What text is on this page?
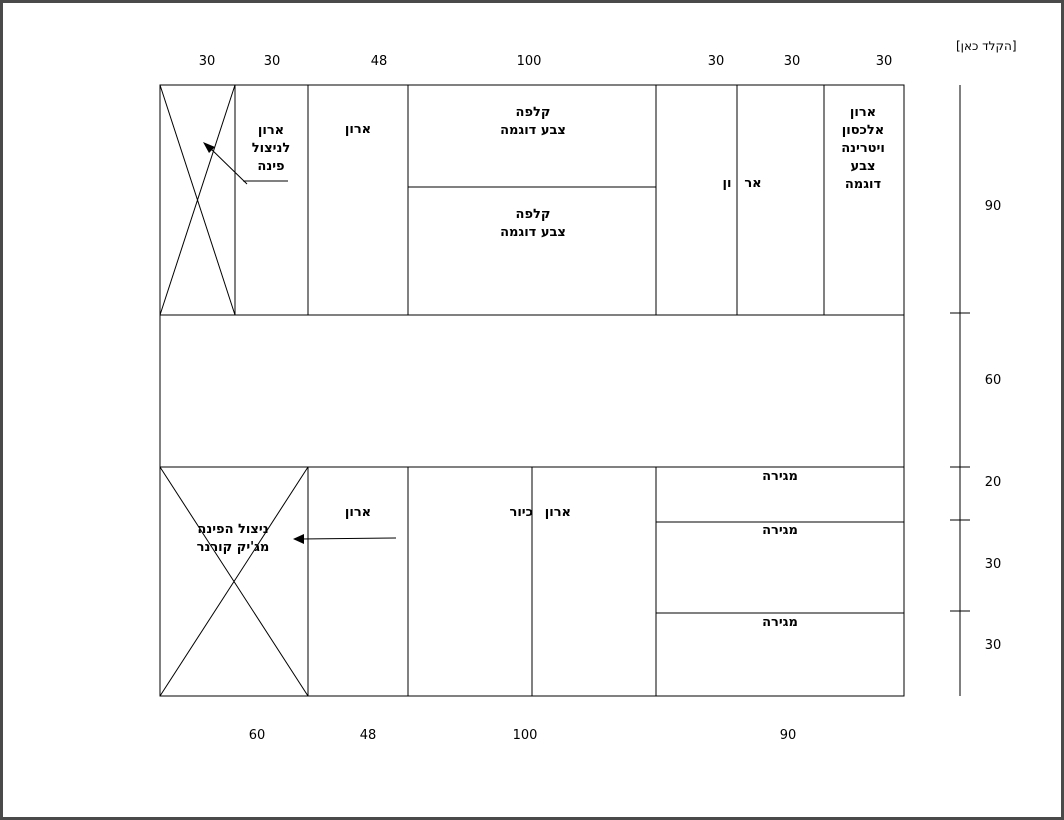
[הקלד כאן]
30	30	48	100	30	30	30
60	48	100	90
90
60
20
30
30
ארון
לניצול
פינה
ארון
קלפה
צבע דוגמה
קלפה
צבע דוגמה
ון אר
ארון
אלכסון
ויטרינה
צבע
דוגמה
ניצול הפינה
מג'יק קורנר
ארון	כיור ארון
מגירה
מגירה
מגירה
